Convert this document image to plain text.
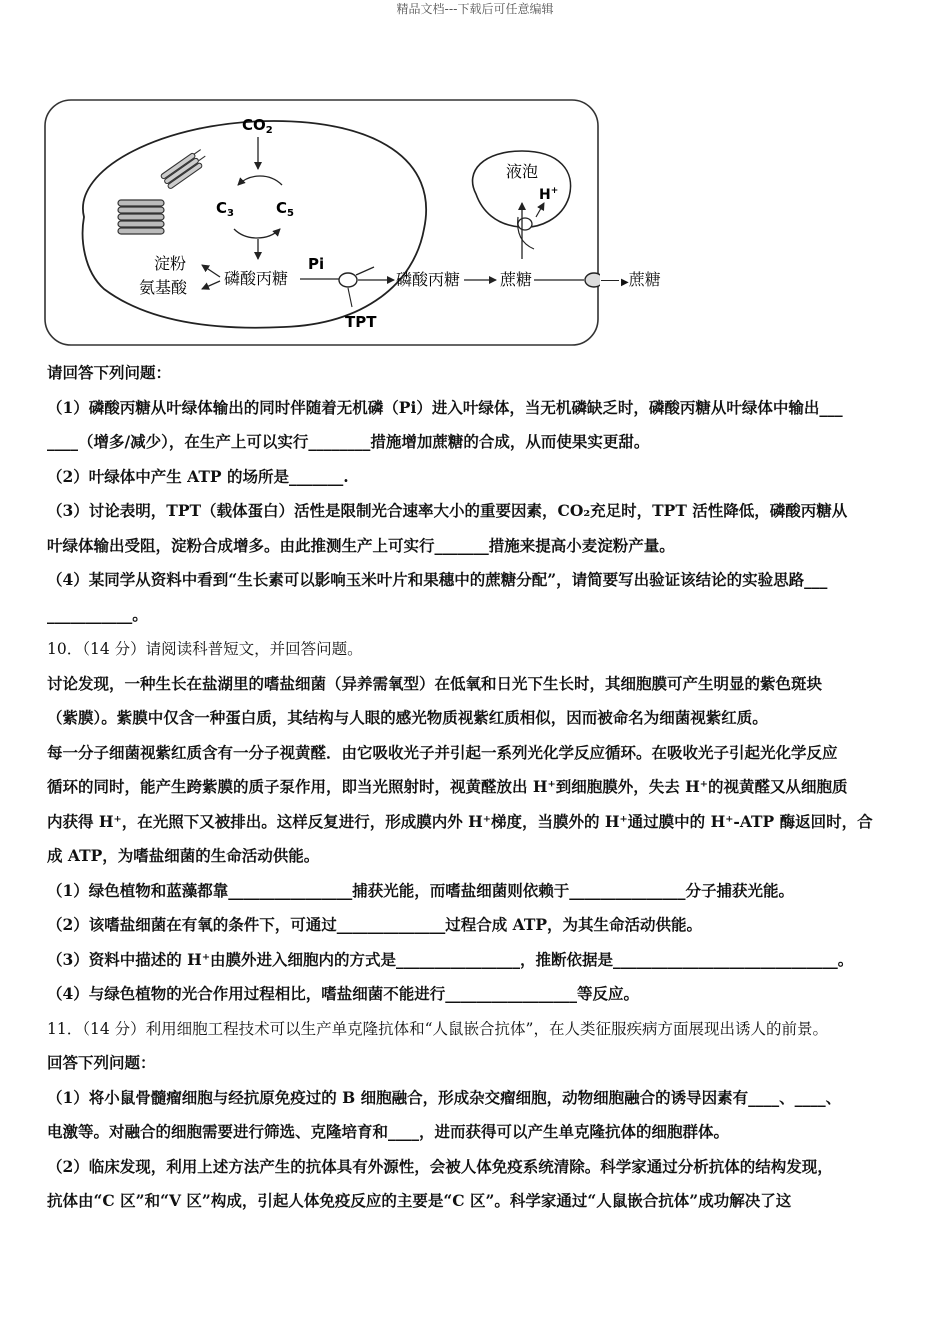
精品文档---下载后可任意编辑
$CO_2$
$C_3$	$C_5$
淀粉
氨基酸 磷酸丙糖
Pi
TPT
磷酸丙糖 蔗糖
液泡
H+
▶蔗糖
请回答下列问题：
（1）磷酸丙糖从叶绿体输出的同时伴随着无机磷（Pi）进入叶绿体，当无机磷缺乏时，磷酸丙糖从叶绿体中输出___
____（增多/减少），在生产上可以实行________措施增加蔗糖的合成，从而使果实更甜。
（2）叶绿体中产生 ATP 的场所是_______.
（3）讨论表明，TPT（载体蛋白）活性是限制光合速率大小的重要因素，CO₂充足时，TPT 活性降低，磷酸丙糖从
叶绿体输出受阻，淀粉合成增多。由此推测生产上可实行_______措施来提高小麦淀粉产量。
（4）某同学从资料中看到“生长素可以影响玉米叶片和果穗中的蔗糖分配”，请简要写出验证该结论的实验思路___
___________。
10．（14 分）请阅读科普短文，并回答问题。
讨论发现，一种生长在盐湖里的嗜盐细菌（异养需氧型）在低氧和日光下生长时，其细胞膜可产生明显的紫色斑块
（紫膜）。紫膜中仅含一种蛋白质，其结构与人眼的感光物质视紫红质相似，因而被命名为细菌视紫红质。
每一分子细菌视紫红质含有一分子视黄醛．由它吸收光子并引起一系列光化学反应循环。在吸收光子引起光化学反应
循环的同时，能产生跨紫膜的质子泵作用，即当光照射时，视黄醛放出 H⁺到细胞膜外，失去 H⁺的视黄醛又从细胞质
内获得 H⁺，在光照下又被排出。这样反复进行，形成膜内外 H⁺梯度，当膜外的 H⁺通过膜中的 H⁺-ATP 酶返回时，合
成 ATP，为嗜盐细菌的生命活动供能。
（1）绿色植物和蓝藻都靠________________捕获光能，而嗜盐细菌则依赖于_______________分子捕获光能。
（2）该嗜盐细菌在有氧的条件下，可通过______________过程合成 ATP，为其生命活动供能。
（3）资料中描述的 H⁺由膜外进入细胞内的方式是________________，推断依据是_____________________________。
（4）与绿色植物的光合作用过程相比，嗜盐细菌不能进行_________________等反应。
11．（14 分）利用细胞工程技术可以生产单克隆抗体和“人鼠嵌合抗体”，在人类征服疾病方面展现出诱人的前景。
回答下列问题：
（1）将小鼠骨髓瘤细胞与经抗原免疫过的 B 细胞融合，形成杂交瘤细胞，动物细胞融合的诱导因素有____、____、
电激等。对融合的细胞需要进行筛选、克隆培育和____，进而获得可以产生单克隆抗体的细胞群体。
（2）临床发现，利用上述方法产生的抗体具有外源性，会被人体免疫系统清除。科学家通过分析抗体的结构发现，
抗体由“C 区”和“V 区”构成，引起人体免疫反应的主要是“C 区”。科学家通过“人鼠嵌合抗体”成功解决了这
